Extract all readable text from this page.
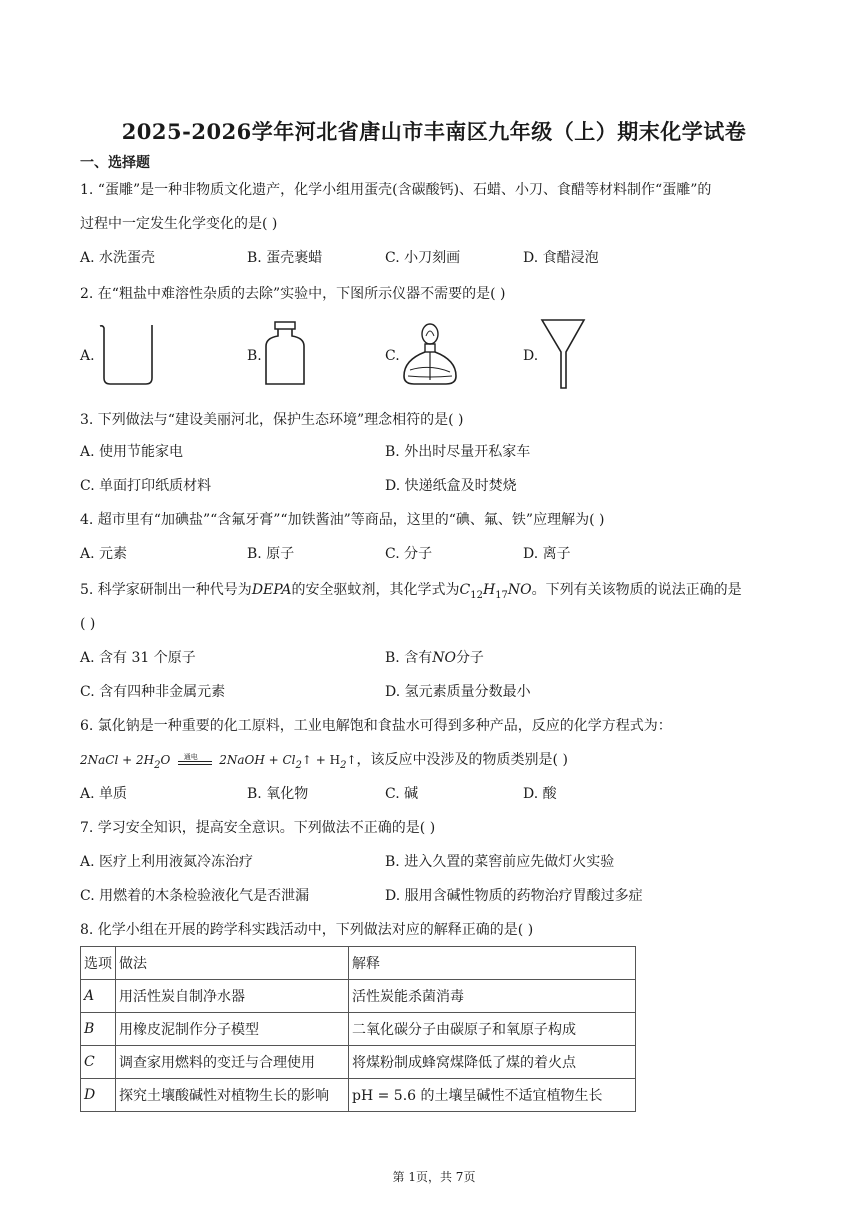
2025-2026学年河北省唐山市丰南区九年级（上）期末化学试卷
一、选择题
1. “蛋雕”是一种非物质文化遗产，化学小组用蛋壳(含碳酸钙)、石蜡、小刀、食醋等材料制作“蛋雕”的
过程中一定发生化学变化的是( )
A. 水洗蛋壳	B. 蛋壳裹蜡	C. 小刀刻画	D. 食醋浸泡
2. 在“粗盐中难溶性杂质的去除”实验中，下图所示仪器不需要的是( )
A.	B.	C.	D.
3. 下列做法与“建设美丽河北，保护生态环境”理念相符的是( )
A. 使用节能家电	B. 外出时尽量开私家车
C. 单面打印纸质材料	D. 快递纸盒及时焚烧
4. 超市里有“加碘盐”“含氟牙膏”“加铁酱油”等商品，这里的“碘、氟、铁”应理解为( )
A. 元素	B. 原子	C. 分子	D. 离子
5. 科学家研制出一种代号为DEPA的安全驱蚊剂，其化学式为$C_{12}H_{17}NO$。下列有关该物质的说法正确的是
( )
A. 含有 31 个原子	B. 含有NO分子
C. 含有四种非金属元素	D. 氢元素质量分数最小
6. 氯化钠是一种重要的化工原料，工业电解饱和食盐水可得到多种产品，反应的化学方程式为：
2NaCl + $2H_2O$ 通电 2NaOH + $Cl_2↑$ + $H_2↑$，该反应中没涉及的物质类别是( )
A. 单质	B. 氧化物	C. 碱	D. 酸
7. 学习安全知识，提高安全意识。下列做法不正确的是( )
A. 医疗上利用液氮冷冻治疗	B. 进入久置的菜窖前应先做灯火实验
C. 用燃着的木条检验液化气是否泄漏	D. 服用含碱性物质的药物治疗胃酸过多症
8. 化学小组在开展的跨学科实践活动中，下列做法对应的解释正确的是( )
选项	做法	解释
A	用活性炭自制净水器	活性炭能杀菌消毒
B	用橡皮泥制作分子模型	二氧化碳分子由碳原子和氧原子构成
C	调查家用燃料的变迁与合理使用	将煤粉制成蜂窝煤降低了煤的着火点
D	探究土壤酸碱性对植物生长的影响	pH = 5.6 的土壤呈碱性不适宜植物生长
第 1页，共 7页
